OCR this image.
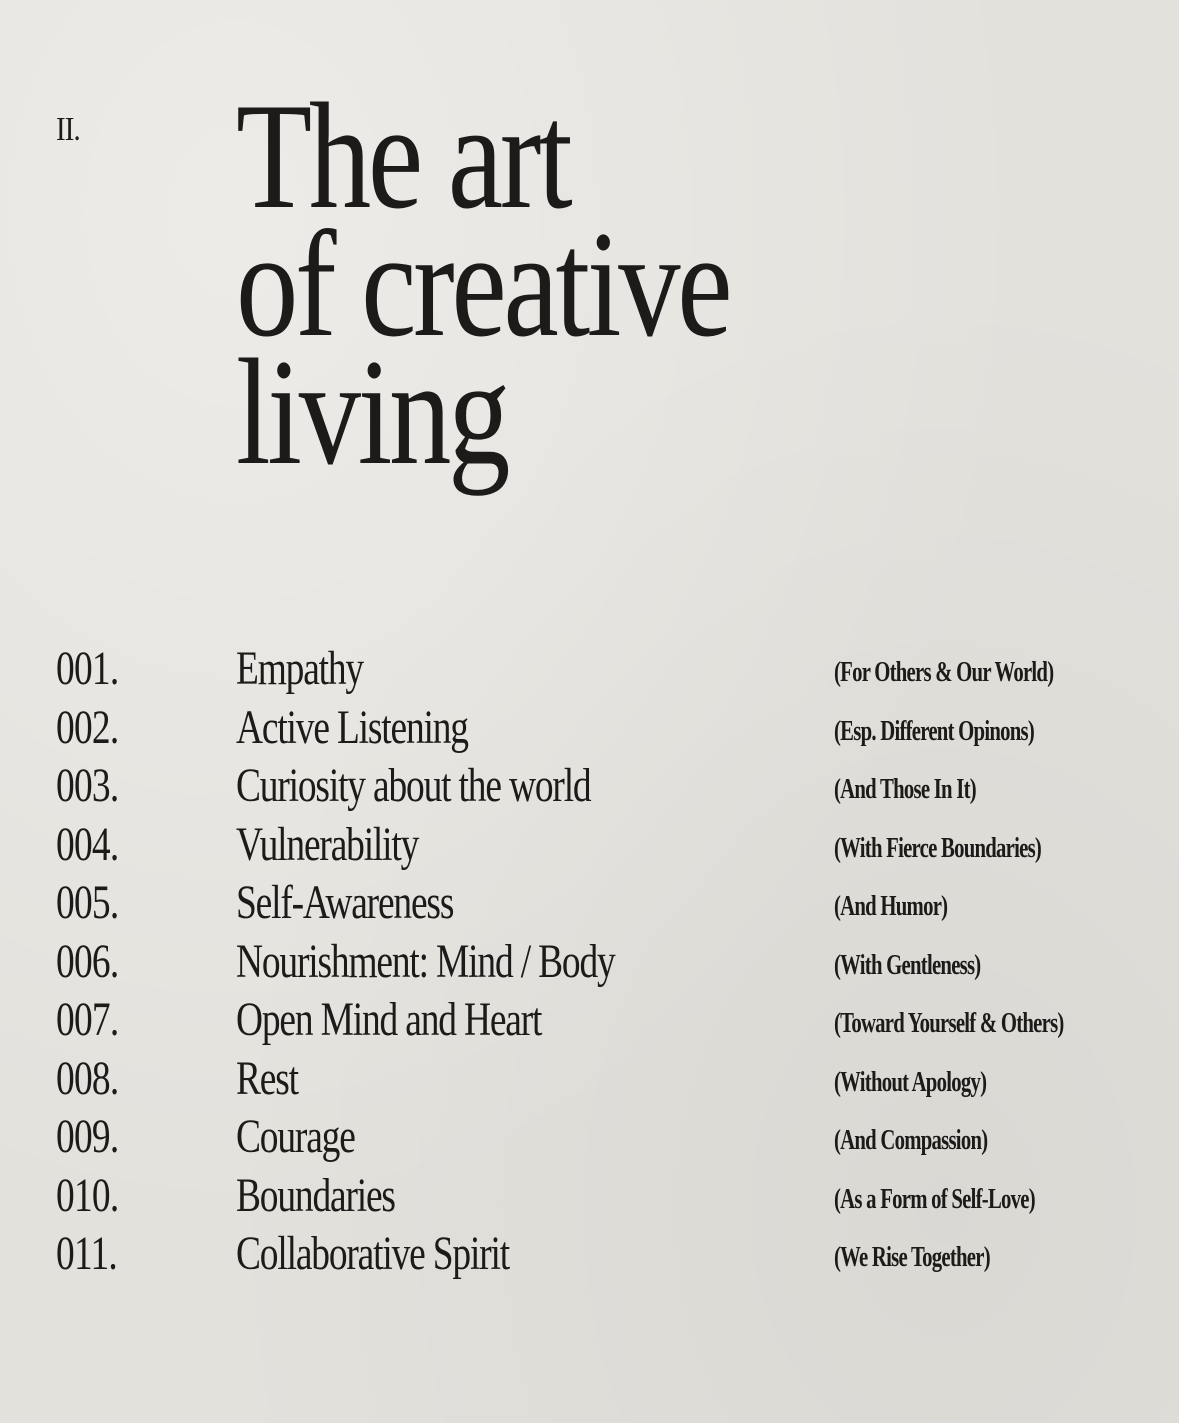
II. The art
of creative
living
001. Empathy	(For Others & Our World)
002. Active Listening	(Esp. Different Opinons)
003. Curiosity about the world	(And Those In It)
004. Vulnerability	(With Fierce Boundaries)
005. Self-Awareness	(And Humor)
006. Nourishment: Mind / Body	(With Gentleness)
007. Open Mind and Heart	(Toward Yourself & Others)
008. Rest	(Without Apology)
009. Courage	(And Compassion)
010. Boundaries	(As a Form of Self-Love)
011. Collaborative Spirit	(We Rise Together)
